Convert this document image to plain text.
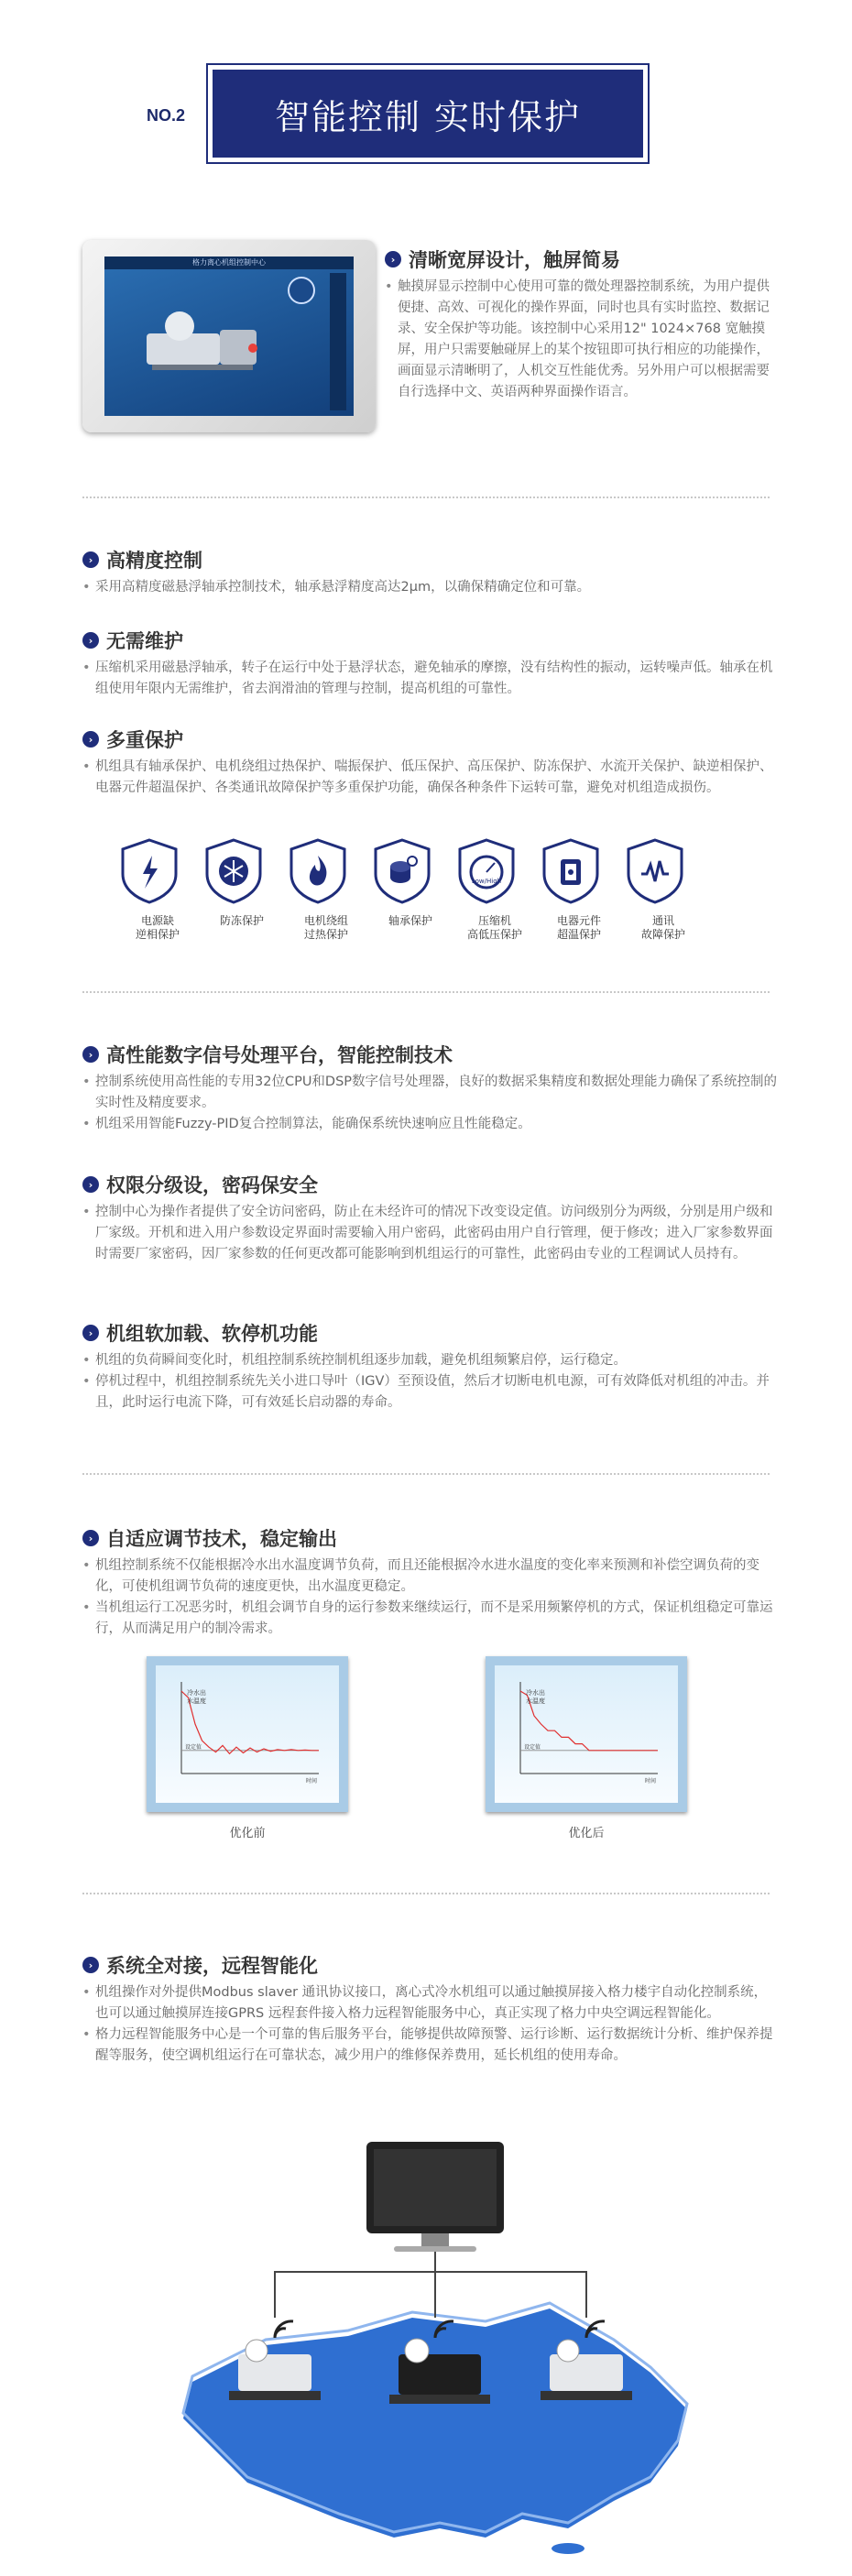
NO.2	智能控制 实时保护
格力离心机组控制中心	› 清晰宽屏设计，触屏简易
• 触摸屏显示控制中心使用可靠的微处理器控制系统，为用户提供便捷、高效、可视化的操作界面，同时也具有实时监控、数据记录、安全保护等功能。该控制中心采用12" 1024×768 宽触摸屏，用户只需要触碰屏上的某个按钮即可执行相应的功能操作，画面显示清晰明了，人机交互性能优秀。另外用户可以根据需要自行选择中文、英语两种界面操作语言。
› 高精度控制
• 采用高精度磁悬浮轴承控制技术，轴承悬浮精度高达2μm，以确保精确定位和可靠。
› 无需维护
• 压缩机采用磁悬浮轴承，转子在运行中处于悬浮状态，避免轴承的摩擦，没有结构性的振动，运转噪声低。轴承在机组使用年限内无需维护，省去润滑油的管理与控制，提高机组的可靠性。
› 多重保护
• 机组具有轴承保护、电机绕组过热保护、喘振保护、低压保护、高压保护、防冻保护、水流开关保护、缺逆相保护、电器元件超温保护、各类通讯故障保护等多重保护功能，确保各种条件下运转可靠，避免对机组造成损伤。
电源缺
逆相保护
防冻保护	电机绕组
过热保护
轴承保护
Low/High
压缩机
高低压保护
电器元件
超温保护
通讯
故障保护
› 高性能数字信号处理平台，智能控制技术
• 控制系统使用高性能的专用32位CPU和DSP数字信号处理器，良好的数据采集精度和数据处理能力确保了系统控制的实时性及精度要求。
• 机组采用智能Fuzzy-PID复合控制算法，能确保系统快速响应且性能稳定。
› 权限分级设，密码保安全
• 控制中心为操作者提供了安全访问密码，防止在未经许可的情况下改变设定值。访问级别分为两级，分别是用户级和厂家级。开机和进入用户参数设定界面时需要输入用户密码，此密码由用户自行管理，便于修改；进入厂家参数界面时需要厂家密码，因厂家参数的任何更改都可能影响到机组运行的可靠性，此密码由专业的工程调试人员持有。
› 机组软加载、软停机功能
• 机组的负荷瞬间变化时，机组控制系统控制机组逐步加载，避免机组频繁启停，运行稳定。
• 停机过程中，机组控制系统先关小进口导叶（IGV）至预设值，然后才切断电机电源，可有效降低对机组的冲击。并且，此时运行电流下降，可有效延长启动器的寿命。
› 自适应调节技术，稳定输出
• 机组控制系统不仅能根据冷水出水温度调节负荷，而且还能根据冷水进水温度的变化率来预测和补偿空调负荷的变化，可使机组调节负荷的速度更快，出水温度更稳定。
• 当机组运行工况恶劣时，机组会调节自身的运行参数来继续运行，而不是采用频繁停机的方式，保证机组稳定可靠运行，从而满足用户的制冷需求。
冷水出
水温度
设定值
时间
优化前
冷水出
水温度
设定值
时间
优化后
› 系统全对接，远程智能化
• 机组操作对外提供Modbus slaver 通讯协议接口，离心式冷水机组可以通过触摸屏接入格力楼宇自动化控制系统，也可以通过触摸屏连接GPRS 远程套件接入格力远程智能服务中心，真正实现了格力中央空调远程智能化。
• 格力远程智能服务中心是一个可靠的售后服务平台，能够提供故障预警、运行诊断、运行数据统计分析、维护保养提醒等服务，使空调机组运行在可靠状态，减少用户的维修保养费用，延长机组的使用寿命。
